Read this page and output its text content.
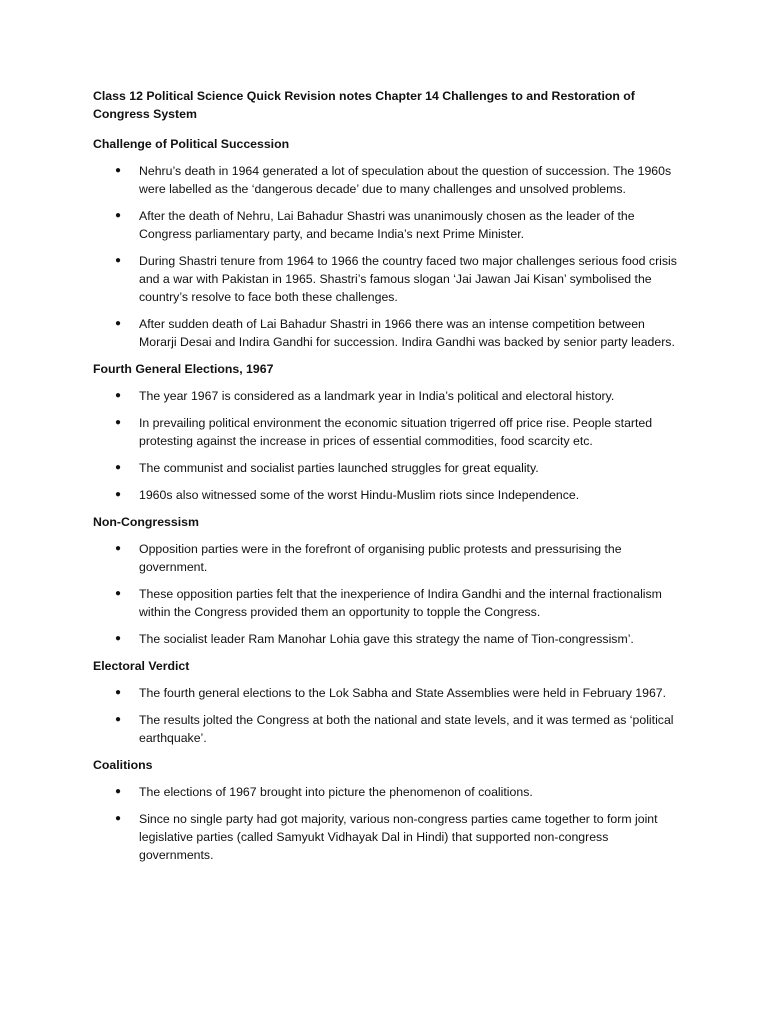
Class 12 Political Science Quick Revision notes Chapter 14 Challenges to and Restoration of Congress System
Challenge of Political Succession
● Nehru’s death in 1964 generated a lot of speculation about the question of succession. The 1960s were labelled as the ‘dangerous decade’ due to many challenges and unsolved problems.
● After the death of Nehru, Lai Bahadur Shastri was unanimously chosen as the leader of the Congress parliamentary party, and became India’s next Prime Minister.
● During Shastri tenure from 1964 to 1966 the country faced two major challenges serious food crisis and a war with Pakistan in 1965. Shastri’s famous slogan ‘Jai Jawan Jai Kisan’ symbolised the country’s resolve to face both these challenges.
● After sudden death of Lai Bahadur Shastri in 1966 there was an intense competition between Morarji Desai and Indira Gandhi for succession. Indira Gandhi was backed by senior party leaders.
Fourth General Elections, 1967
● The year 1967 is considered as a landmark year in India’s political and electoral history.
● In prevailing political environment the economic situation trigerred off price rise. People started protesting against the increase in prices of essential commodities, food scarcity etc.
● The communist and socialist parties launched struggles for great equality.
● 1960s also witnessed some of the worst Hindu-Muslim riots since Independence.
Non-Congressism
● Opposition parties were in the forefront of organising public protests and pressurising the government.
● These opposition parties felt that the inexperience of Indira Gandhi and the internal fractionalism within the Congress provided them an opportunity to topple the Congress.
● The socialist leader Ram Manohar Lohia gave this strategy the name of Tion-congressism’.
Electoral Verdict
● The fourth general elections to the Lok Sabha and State Assemblies were held in February 1967.
● The results jolted the Congress at both the national and state levels, and it was termed as ‘political earthquake’.
Coalitions
● The elections of 1967 brought into picture the phenomenon of coalitions.
● Since no single party had got majority, various non-congress parties came together to form joint legislative parties (called Samyukt Vidhayak Dal in Hindi) that supported non-congress governments.
